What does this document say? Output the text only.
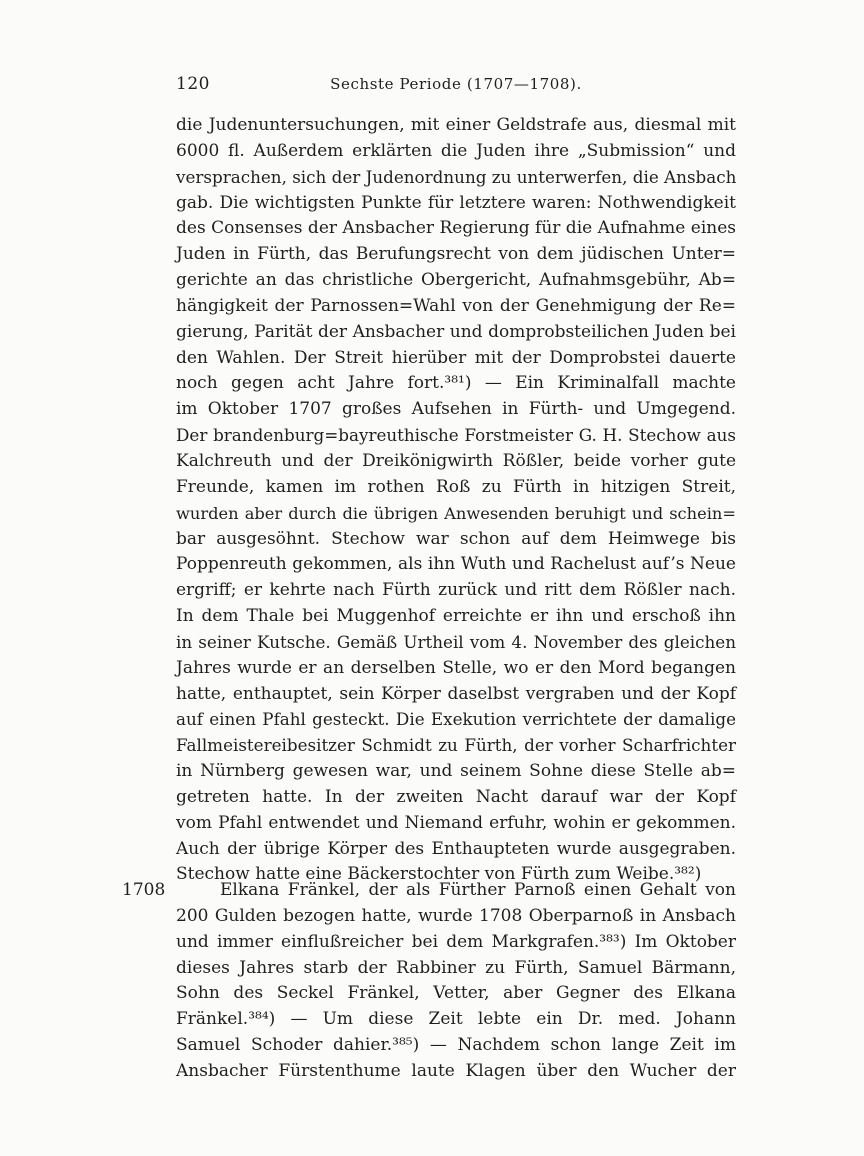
120	Sechste Periode (1707—1708).
die Judenuntersuchungen, mit einer Geldstrafe aus, diesmal mit
6000 fl. Außerdem erklärten die Juden ihre „Submission“ und
versprachen, sich der Judenordnung zu unterwerfen, die Ansbach
gab. Die wichtigsten Punkte für letztere waren: Nothwendigkeit
des Consenses der Ansbacher Regierung für die Aufnahme eines
Juden in Fürth, das Berufungsrecht von dem jüdischen Unter=
gerichte an das christliche Obergericht, Aufnahmsgebühr, Ab=
hängigkeit der Parnossen=Wahl von der Genehmigung der Re=
gierung, Parität der Ansbacher und domprobsteilichen Juden bei
den Wahlen. Der Streit hierüber mit der Domprobstei dauerte
noch gegen acht Jahre fort.³⁸¹) — Ein Kriminalfall machte
im Oktober 1707 großes Aufsehen in Fürth- und Umgegend.
Der brandenburg=bayreuthische Forstmeister G. H. Stechow aus
Kalchreuth und der Dreikönigwirth Rößler, beide vorher gute
Freunde, kamen im rothen Roß zu Fürth in hitzigen Streit,
wurden aber durch die übrigen Anwesenden beruhigt und schein=
bar ausgesöhnt. Stechow war schon auf dem Heimwege bis
Poppenreuth gekommen, als ihn Wuth und Rachelust auf’s Neue
ergriff; er kehrte nach Fürth zurück und ritt dem Rößler nach.
In dem Thale bei Muggenhof erreichte er ihn und erschoß ihn
in seiner Kutsche. Gemäß Urtheil vom 4. November des gleichen
Jahres wurde er an derselben Stelle, wo er den Mord begangen
hatte, enthauptet, sein Körper daselbst vergraben und der Kopf
auf einen Pfahl gesteckt. Die Exekution verrichtete der damalige
Fallmeistereibesitzer Schmidt zu Fürth, der vorher Scharfrichter
in Nürnberg gewesen war, und seinem Sohne diese Stelle ab=
getreten hatte. In der zweiten Nacht darauf war der Kopf
vom Pfahl entwendet und Niemand erfuhr, wohin er gekommen.
Auch der übrige Körper des Enthaupteten wurde ausgegraben.
Stechow hatte eine Bäckerstochter von Fürth zum Weibe.³⁸²)
1708	Elkana Fränkel, der als Fürther Parnoß einen Gehalt von
200 Gulden bezogen hatte, wurde 1708 Oberparnoß in Ansbach
und immer einflußreicher bei dem Markgrafen.³⁸³) Im Oktober
dieses Jahres starb der Rabbiner zu Fürth, Samuel Bärmann,
Sohn des Seckel Fränkel, Vetter, aber Gegner des Elkana
Fränkel.³⁸⁴) — Um diese Zeit lebte ein Dr. med. Johann
Samuel Schoder dahier.³⁸⁵) — Nachdem schon lange Zeit im
Ansbacher Fürstenthume laute Klagen über den Wucher der
